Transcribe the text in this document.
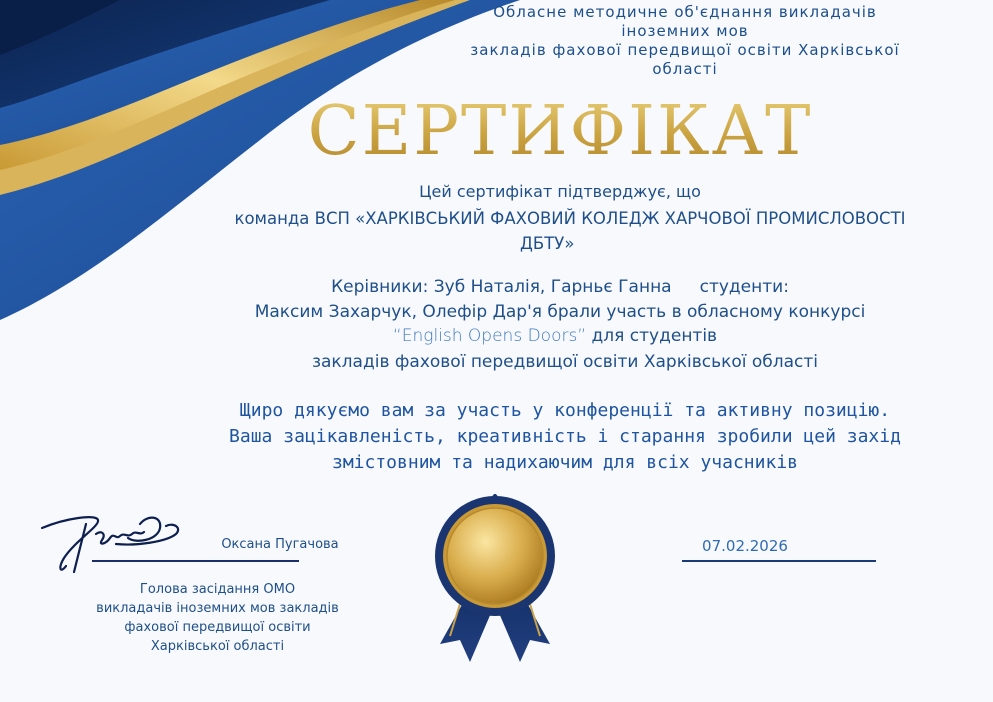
Обласне методичне об'єднання викладачів
іноземних мов
закладів фахової передвищої освіти Харківської
області
СЕРТИФІКАТ
Цей сертифікат підтверджує, що
команда ВСП «ХАРКІВСЬКИЙ ФАХОВИЙ КОЛЕДЖ ХАРЧОВОЇ ПРОМИСЛОВОСТІ
ДБТУ»
Керівники: Зуб Наталія, Гарньє Ганна студенти:
Максим Захарчук, Олефір Дар'я брали участь в обласному конкурсі
“English Opens Doors” для студентів
закладів фахової передвищої освіти Харківської області
Щиро дякуємо вам за участь у конференції та активну позицію.
Ваша зацікавленість, креативність і старання зробили цей захід
змістовним та надихаючим для всіх учасників
Оксана Пугачова
Голова засідання ОМО
викладачів іноземних мов закладів
фахової передвищої освіти
Харківської області
07.02.2026
